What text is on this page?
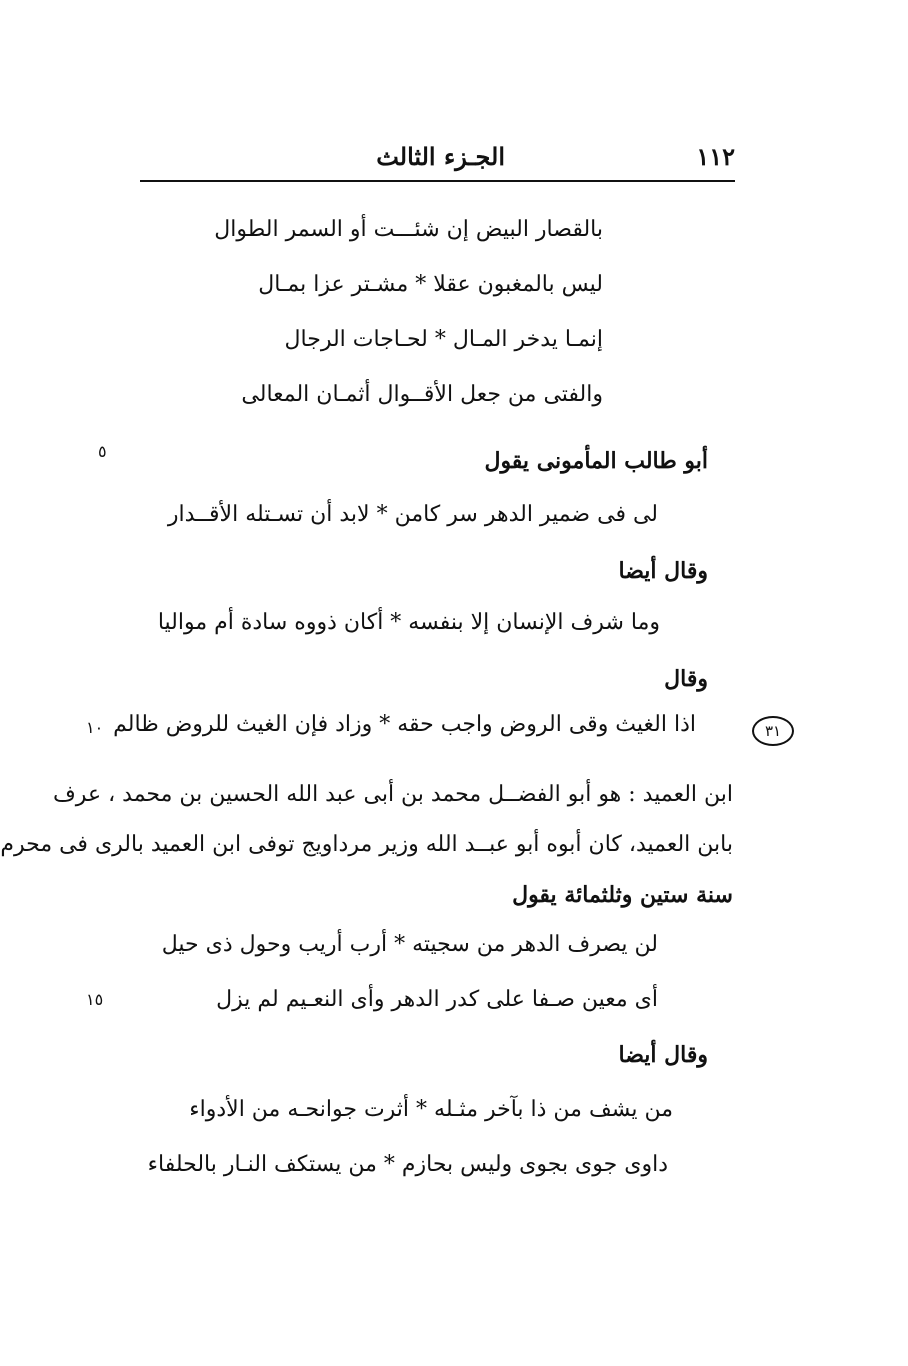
١١٢
الجـزء الثالث
بالقصار البيض إن شئـــت أو السمر الطوال
ليس بالمغبون عقلا * مشـتر عزا بمـال
إنمـا يدخر المـال * لحـاجات الرجال
والفتى من جعل الأقــوال أثمـان المعالى
أبو طالب المأمونى يقول
لى فى ضمير الدهر سر كامن * لابد أن تسـتله الأقــدار
وقال أيضا
وما شرف الإنسان إلا بنفسه * أكان ذووه سادة أم مواليا
وقال
اذا الغيث وقى الروض واجب حقه * وزاد فإن الغيث للروض ظالم
ابن العميد : هو أبو الفضــل محمد بن أبى عبد الله الحسين بن محمد ، عرف
بابن العميد، كان أبوه أبو عبــد الله وزير مرداويج توفى ابن العميد بالرى فى محرم
سنة ستين وثلثمائة يقول
لن يصرف الدهر من سجيته * أرب أريب وحول ذى حيل
أى معين صـفا على كدر الدهر وأى النعـيم لم يزل
وقال أيضا
من يشف من ذا بآخر مثـله * أثرت جوانحـه من الأدواء
داوى جوى بجوى وليس بحازم * من يستكف النـار بالحلفاء
٥
١٠
١٥
٣١
